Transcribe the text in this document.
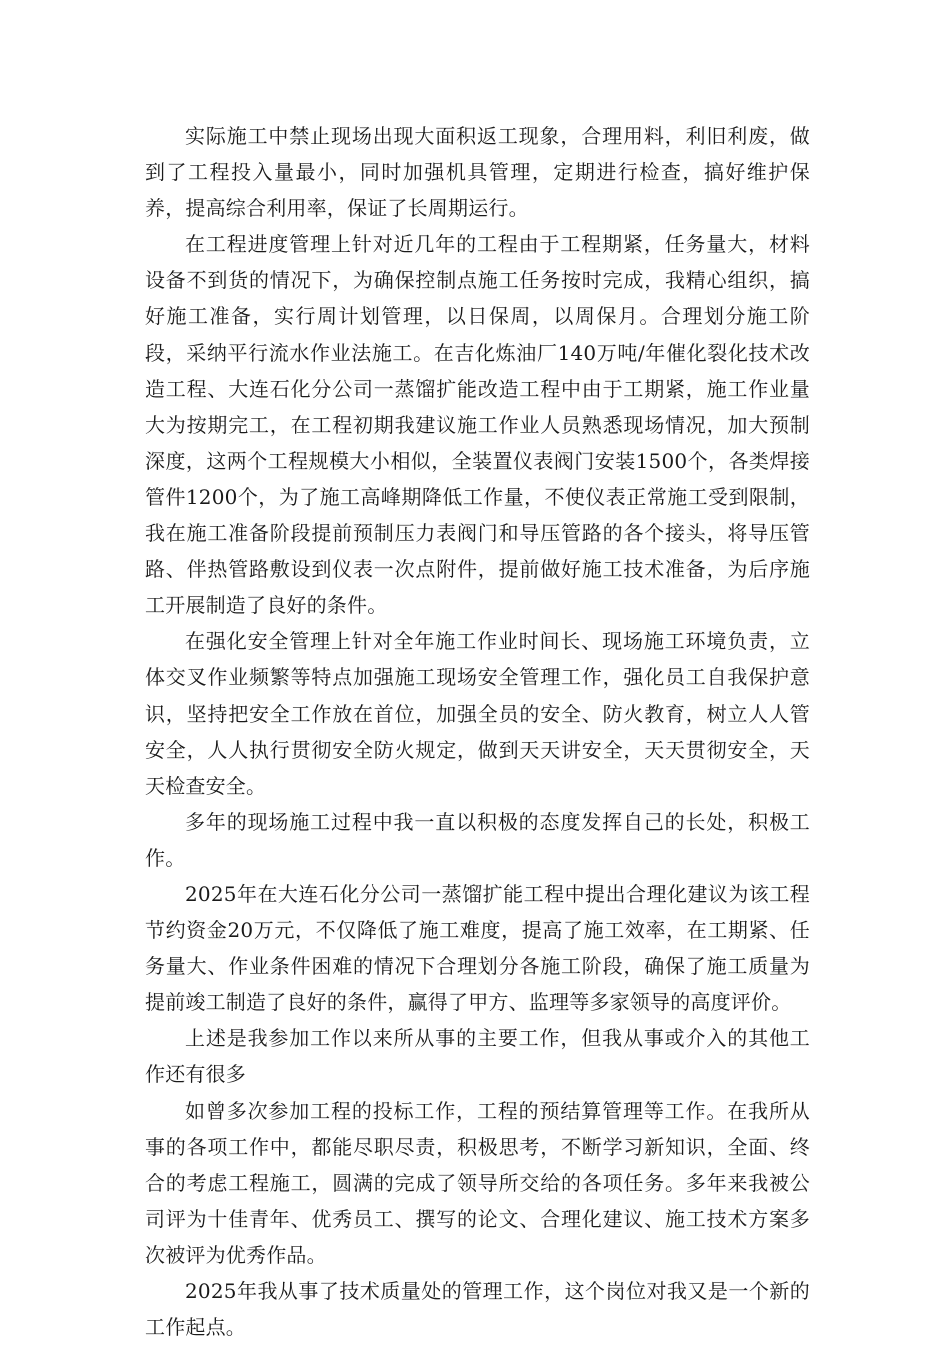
实际施工中禁止现场出现大面积返工现象，合理用料，利旧利废，做到了工程投入量最小，同时加强机具管理，定期进行检查，搞好维护保养，提高综合利用率，保证了长周期运行。

在工程进度管理上针对近几年的工程由于工程期紧，任务量大，材料设备不到货的情况下，为确保控制点施工任务按时完成，我精心组织，搞好施工准备，实行周计划管理，以日保周，以周保月。合理划分施工阶段，采纳平行流水作业法施工。在吉化炼油厂140万吨/年催化裂化技术改造工程、大连石化分公司一蒸馏扩能改造工程中由于工期紧，施工作业量大为按期完工，在工程初期我建议施工作业人员熟悉现场情况，加大预制深度，这两个工程规模大小相似，全装置仪表阀门安装1500个，各类焊接管件1200个，为了施工高峰期降低工作量，不使仪表正常施工受到限制，我在施工准备阶段提前预制压力表阀门和导压管路的各个接头，将导压管路、伴热管路敷设到仪表一次点附件，提前做好施工技术准备，为后序施工开展制造了良好的条件。

在强化安全管理上针对全年施工作业时间长、现场施工环境负责，立体交叉作业频繁等特点加强施工现场安全管理工作，强化员工自我保护意识，坚持把安全工作放在首位，加强全员的安全、防火教育，树立人人管安全，人人执行贯彻安全防火规定，做到天天讲安全，天天贯彻安全，天天检查安全。

多年的现场施工过程中我一直以积极的态度发挥自己的长处，积极工作。

2025年在大连石化分公司一蒸馏扩能工程中提出合理化建议为该工程节约资金20万元，不仅降低了施工难度，提高了施工效率，在工期紧、任务量大、作业条件困难的情况下合理划分各施工阶段，确保了施工质量为提前竣工制造了良好的条件，赢得了甲方、监理等多家领导的高度评价。

上述是我参加工作以来所从事的主要工作，但我从事或介入的其他工作还有很多

如曾多次参加工程的投标工作，工程的预结算管理等工作。在我所从事的各项工作中，都能尽职尽责，积极思考，不断学习新知识，全面、终合的考虑工程施工，圆满的完成了领导所交给的各项任务。多年来我被公司评为十佳青年、优秀员工、撰写的论文、合理化建议、施工技术方案多次被评为优秀作品。

2025年我从事了技术质量处的管理工作，这个岗位对我又是一个新的工作起点。
